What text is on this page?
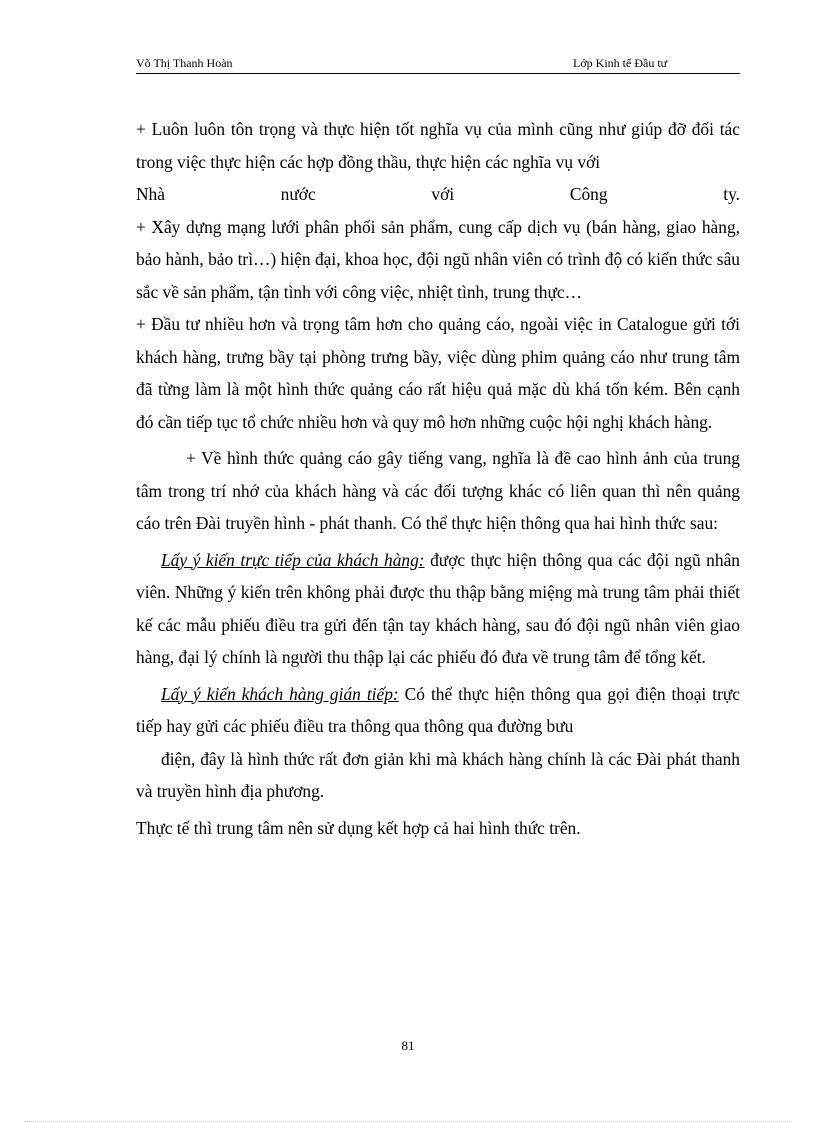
Võ Thị Thanh Hoàn	Lớp Kinh tế Đầu tư

+ Luôn luôn tôn trọng và thực hiện tốt nghĩa vụ của mình cũng như giúp đỡ đối tác trong việc thực hiện các hợp đồng thầu, thực hiện các nghĩa vụ với

Nhà nước với Công ty.

+ Xây dựng mạng lưới phân phối sản phẩm, cung cấp dịch vụ (bán hàng, giao hàng, bảo hành, bảo trì…) hiện đại, khoa học, đội ngũ nhân viên có trình độ có kiến thức sâu sắc về sản phẩm, tận tình với công việc, nhiệt tình, trung thực…

+ Đầu tư nhiều hơn và trọng tâm hơn cho quảng cáo, ngoài việc in Catalogue gửi tới khách hàng, trưng bầy tại phòng trưng bầy, việc dùng phim quảng cáo như trung tâm đã từng làm là một hình thức quảng cáo rất hiệu quả mặc dù khá tốn kém. Bên cạnh đó cần tiếp tục tổ chức nhiều hơn và quy mô hơn những cuộc hội nghị khách hàng.

+ Về hình thức quảng cáo gây tiếng vang, nghĩa là đề cao hình ảnh của trung tâm trong trí nhớ của khách hàng và các đối tượng khác có liên quan thì nên quảng cáo trên Đài truyền hình - phát thanh. Có thể thực hiện thông qua hai hình thức sau:

Lấy ý kiến trực tiếp của khách hàng: được thực hiện thông qua các đội ngũ nhân viên. Những ý kiến trên không phải được thu thập bằng miệng mà trung tâm phải thiết kế các mẫu phiếu điều tra gửi đến tận tay khách hàng, sau đó đội ngũ nhân viên giao hàng, đại lý chính là người thu thập lại các phiếu đó đưa về trung tâm để tổng kết.

Lấy ý kiến khách hàng gián tiếp: Có thể thực hiện thông qua gọi điện thoại trực tiếp hay gửi các phiếu điều tra thông qua thông qua đường bưu

điện, đây là hình thức rất đơn giản khi mà khách hàng chính là các Đài phát thanh và truyền hình địa phương.

Thực tế thì trung tâm nên sử dụng kết hợp cả hai hình thức trên.

81
